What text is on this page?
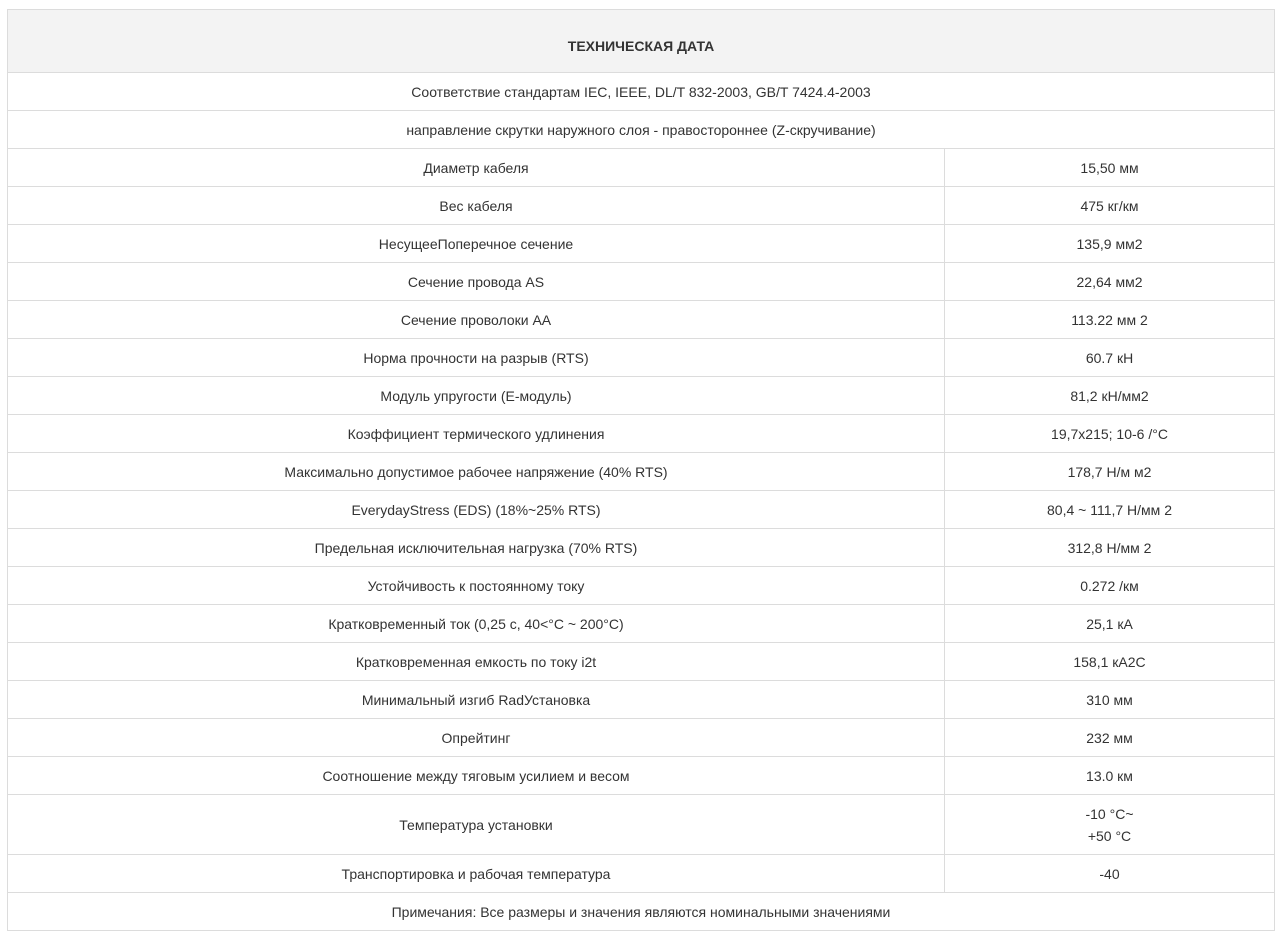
ТЕХНИЧЕСКАЯ ДАТА	
Соответствие стандартам IEC, IEEE, DL/T 832-2003, GB/T 7424.4-2003	
направление скрутки наружного слоя - правостороннее (Z-скручивание)	
Диаметр кабеля	15,50 мм
Вес кабеля	475 кг/км
НесущееПоперечное сечение	135,9 мм2
Сечение провода AS	22,64 мм2
Сечение проволоки AA	113.22 мм 2
Норма прочности на разрыв (RTS)	60.7 кН
Модуль упругости (E-модуль)	81,2 кН/мм2
Коэффициент термического удлинения	19,7x215; 10-6 /°С
Максимально допустимое рабочее напряжение (40% RTS)	178,7 Н/м м2
EverydayStress (EDS) (18%~25% RTS)	80,4 ~ 111,7 Н/мм 2
Предельная исключительная нагрузка (70% RTS)	312,8 Н/мм 2
Устойчивость к постоянному току	0.272 /км
Кратковременный ток (0,25 с, 40<°С ~ 200°С)	25,1 кА
Кратковременная емкость по току i2t	158,1 кА2С
Минимальный изгиб RadУстановка	310 мм
Опрейтинг	232 мм
Соотношение между тяговым усилием и весом	13.0 км
Температура установки	-10 °С~
+50 °С

Транспортировка и рабочая температура	-40
Примечания: Все размеры и значения являются номинальными значениями	
